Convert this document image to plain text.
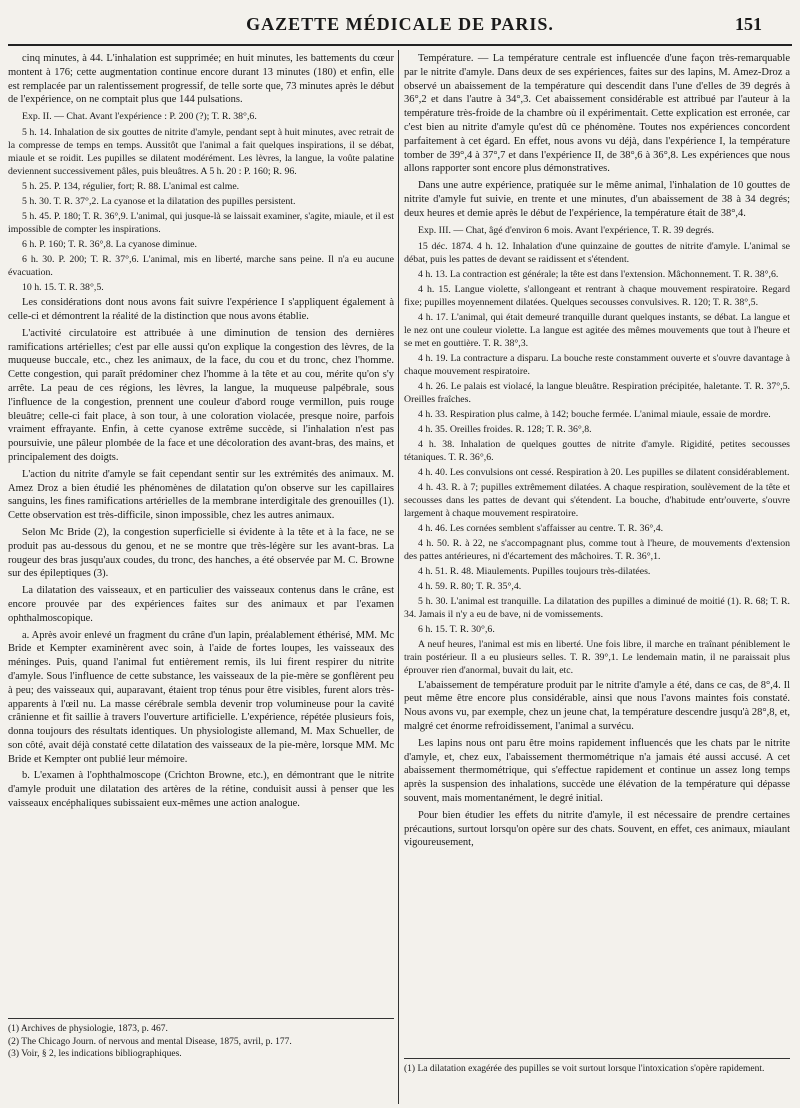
GAZETTE MÉDICALE DE PARIS.	151

cinq minutes, à 44. L'inhalation est supprimée; en huit minutes, les battements du cœur montent à 176; cette augmentation continue encore durant 13 minutes (180) et enfin, elle est remplacée par un ralentissement progressif, de telle sorte que, 73 minutes après le début de l'expérience, on ne comptait plus que 144 pulsations.

Exp. II. — Chat. Avant l'expérience : P. 200 (?); T. R. 38°,6.

5 h. 14. Inhalation de six gouttes de nitrite d'amyle, pendant sept à huit minutes, avec retrait de la compresse de temps en temps. Aussitôt que l'animal a fait quelques inspirations, il se débat, miaule et se roidit. Les pupilles se dilatent modérément. Les lèvres, la langue, la voûte palatine deviennent successivement pâles, puis bleuâtres. A 5 h. 20 : P. 160; R. 96.

5 h. 25. P. 134, régulier, fort; R. 88. L'animal est calme.

5 h. 30. T. R. 37°,2. La cyanose et la dilatation des pupilles persistent.

5 h. 45. P. 180; T. R. 36°,9. L'animal, qui jusque-là se laissait examiner, s'agite, miaule, et il est impossible de compter les inspirations.

6 h. P. 160; T. R. 36°,8. La cyanose diminue.

6 h. 30. P. 200; T. R. 37°,6. L'animal, mis en liberté, marche sans peine. Il n'a eu aucune évacuation.

10 h. 15. T. R. 38°,5.

Les considérations dont nous avons fait suivre l'expérience I s'appliquent également à celle-ci et démontrent la réalité de la distinction que nous avons établie.

L'activité circulatoire est attribuée à une diminution de tension des dernières ramifications artérielles; c'est par elle aussi qu'on explique la congestion des lèvres, de la muqueuse buccale, etc., chez les animaux, de la face, du cou et du tronc, chez l'homme. Cette congestion, qui paraît prédominer chez l'homme à la tête et au cou, mérite qu'on s'y arrête. La peau de ces régions, les lèvres, la langue, la muqueuse palpébrale, sous l'influence de la congestion, prennent une couleur d'abord rouge vermillon, puis rouge bleuâtre; celle-ci fait place, à son tour, à une coloration violacée, presque noire, parfois vraiment effrayante. Enfin, à cette cyanose extrême succède, si l'inhalation n'est pas poursuivie, une pâleur plombée de la face et une décoloration des avant-bras, des mains, et principalement des doigts.

L'action du nitrite d'amyle se fait cependant sentir sur les extrémités des animaux. M. Amez Droz a bien étudié les phénomènes de dilatation qu'on observe sur les capillaires sanguins, les fines ramifications artérielles de la membrane interdigitale des grenouilles (1). Cette observation est très-difficile, sinon impossible, chez les autres animaux.

Selon Mc Bride (2), la congestion superficielle si évidente à la tête et à la face, ne se produit pas au-dessous du genou, et ne se montre que très-légère sur les avant-bras. La rougeur des bras jusqu'aux coudes, du tronc, des hanches, a été observée par M. C. Browne sur des épileptiques (3).

La dilatation des vaisseaux, et en particulier des vaisseaux contenus dans le crâne, est encore prouvée par des expériences faites sur des animaux et par l'examen ophthalmoscopique.

a. Après avoir enlevé un fragment du crâne d'un lapin, préalablement éthérisé, MM. Mc Bride et Kempter examinèrent avec soin, à l'aide de fortes loupes, les vaisseaux des méninges. Puis, quand l'animal fut entièrement remis, ils lui firent respirer du nitrite d'amyle. Sous l'influence de cette substance, les vaisseaux de la pie-mère se gonflèrent peu à peu; des vaisseaux qui, auparavant, étaient trop ténus pour être visibles, furent alors très-apparents à l'œil nu. La masse cérébrale sembla devenir trop volumineuse pour la cavité crânienne et fit saillie à travers l'ouverture artificielle. L'expérience, répétée plusieurs fois, donna toujours des résultats identiques. Un physiologiste allemand, M. Max Schueller, de son côté, avait déjà constaté cette dilatation des vaisseaux de la pie-mère, lorsque MM. Mc Bride et Kempter ont publié leur mémoire.

b. L'examen à l'ophthalmoscope (Crichton Browne, etc.), en démontrant que le nitrite d'amyle produit une dilatation des artères de la rétine, conduisit aussi à penser que les vaisseaux encéphaliques subissaient eux-mêmes une action analogue.

(1) Archives de physiologie, 1873, p. 467.

(2) The Chicago Journ. of nervous and mental Disease, 1875, avril, p. 177.

(3) Voir, § 2, les indications bibliographiques.

Température. — La température centrale est influencée d'une façon très-remarquable par le nitrite d'amyle. Dans deux de ses expériences, faites sur des lapins, M. Amez-Droz a observé un abaissement de la température qui descendit dans l'une d'elles de 39 degrés à 36°,2 et dans l'autre à 34°,3. Cet abaissement considérable est attribué par l'auteur à la température très-froide de la chambre où il expérimentait. Cette explication est erronée, car c'est bien au nitrite d'amyle qu'est dû ce phénomène. Toutes nos expériences concordent parfaitement à cet égard. En effet, nous avons vu déjà, dans l'expérience I, la température tomber de 39°,4 à 37°,7 et dans l'expérience II, de 38°,6 à 36°,8. Les expériences que nous allons rapporter sont encore plus démonstratives.

Dans une autre expérience, pratiquée sur le même animal, l'inhalation de 10 gouttes de nitrite d'amyle fut suivie, en trente et une minutes, d'un abaissement de 38 à 34 degrés; deux heures et demie après le début de l'expérience, la température était de 38°,4.

Exp. III. — Chat, âgé d'environ 6 mois. Avant l'expérience, T. R. 39 degrés.

15 déc. 1874. 4 h. 12. Inhalation d'une quinzaine de gouttes de nitrite d'amyle. L'animal se débat, puis les pattes de devant se raidissent et s'étendent.

4 h. 13. La contraction est générale; la tête est dans l'extension. Mâchonnement. T. R. 38°,6.

4 h. 15. Langue violette, s'allongeant et rentrant à chaque mouvement respiratoire. Regard fixe; pupilles moyennement dilatées. Quelques secousses convulsives. R. 120; T. R. 38°,5.

4 h. 17. L'animal, qui était demeuré tranquille durant quelques instants, se débat. La langue et le nez ont une couleur violette. La langue est agitée des mêmes mouvements que tout à l'heure et se met en gouttière. T. R. 38°,3.

4 h. 19. La contracture a disparu. La bouche reste constamment ouverte et s'ouvre davantage à chaque mouvement respiratoire.

4 h. 26. Le palais est violacé, la langue bleuâtre. Respiration précipitée, haletante. T. R. 37°,5. Oreilles fraîches.

4 h. 33. Respiration plus calme, à 142; bouche fermée. L'animal miaule, essaie de mordre.

4 h. 35. Oreilles froides. R. 128; T. R. 36°,8.

4 h. 38. Inhalation de quelques gouttes de nitrite d'amyle. Rigidité, petites secousses tétaniques. T. R. 36°,6.

4 h. 40. Les convulsions ont cessé. Respiration à 20. Les pupilles se dilatent considérablement.

4 h. 43. R. à 7; pupilles extrêmement dilatées. A chaque respiration, soulèvement de la tête et secousses dans les pattes de devant qui s'étendent. La bouche, d'habitude entr'ouverte, s'ouvre largement à chaque mouvement respiratoire.

4 h. 46. Les cornées semblent s'affaisser au centre. T. R. 36°,4.

4 h. 50. R. à 22, ne s'accompagnant plus, comme tout à l'heure, de mouvements d'extension des pattes antérieures, ni d'écartement des mâchoires. T. R. 36°,1.

4 h. 51. R. 48. Miaulements. Pupilles toujours très-dilatées.

4 h. 59. R. 80; T. R. 35°,4.

5 h. 30. L'animal est tranquille. La dilatation des pupilles a diminué de moitié (1). R. 68; T. R. 34. Jamais il n'y a eu de bave, ni de vomissements.

6 h. 15. T. R. 30°,6.

A neuf heures, l'animal est mis en liberté. Une fois libre, il marche en traînant péniblement le train postérieur. Il a eu plusieurs selles. T. R. 39°,1. Le lendemain matin, il ne paraissait plus éprouver rien d'anormal, buvait du lait, etc.

L'abaissement de température produit par le nitrite d'amyle a été, dans ce cas, de 8°,4. Il peut même être encore plus considérable, ainsi que nous l'avons maintes fois constaté. Nous avons vu, par exemple, chez un jeune chat, la température descendre jusqu'à 28°,8, et, malgré cet énorme refroidissement, l'animal a survécu.

Les lapins nous ont paru être moins rapidement influencés que les chats par le nitrite d'amyle, et, chez eux, l'abaissement thermométrique n'a jamais été aussi accusé. A cet abaissement thermométrique, qui s'effectue rapidement et continue un assez long temps après la suspension des inhalations, succède une élévation de la température qui dépasse souvent, mais momentanément, le degré initial.

Pour bien étudier les effets du nitrite d'amyle, il est nécessaire de prendre certaines précautions, surtout lorsqu'on opère sur des chats. Souvent, en effet, ces animaux, miaulant vigoureusement,

(1) La dilatation exagérée des pupilles se voit surtout lorsque l'intoxication s'opère rapidement.
